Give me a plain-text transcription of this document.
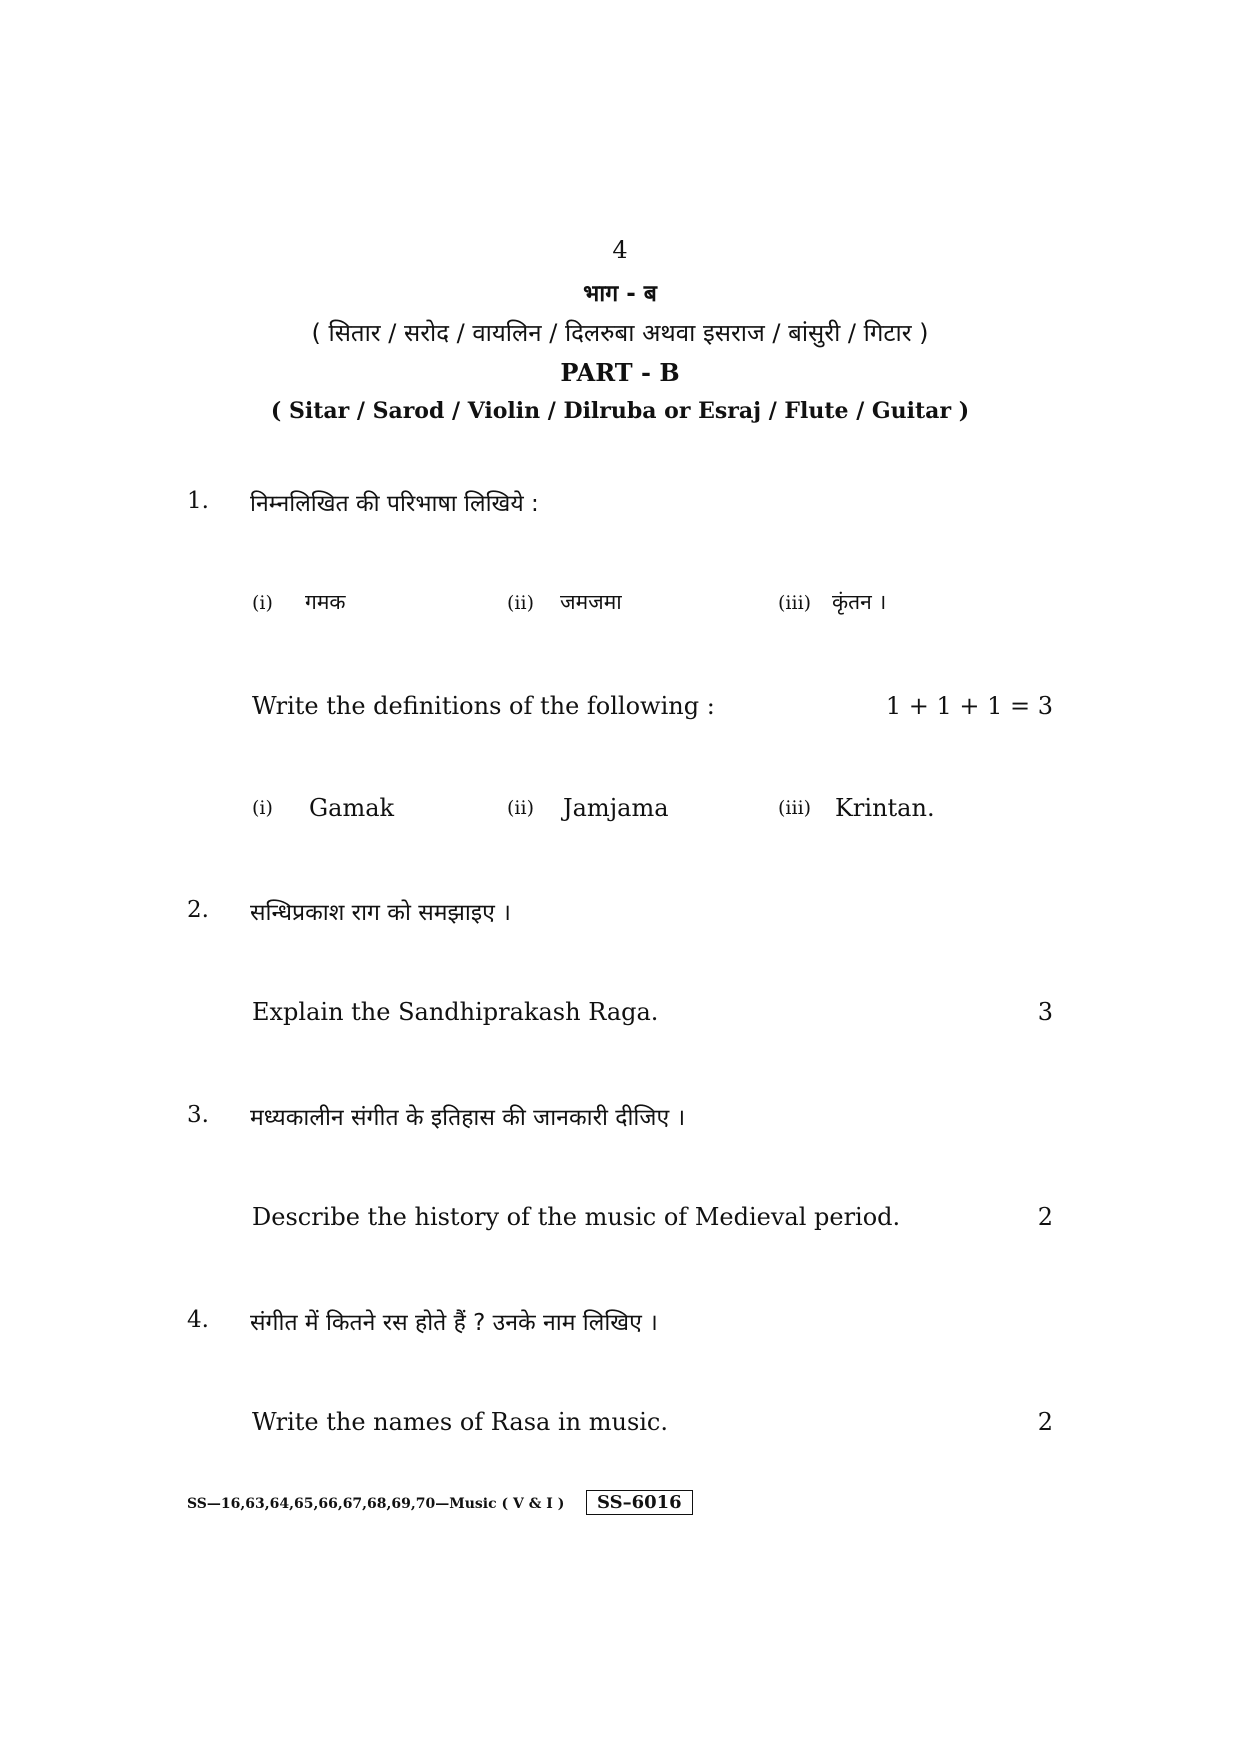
4
भाग - ब
( सितार / सरोद / वायलिन / दिलरुबा अथवा इसराज / बांसुरी / गिटार )
PART - B
( Sitar / Sarod / Violin / Dilruba or Esraj / Flute / Guitar )
1. निम्नलिखित की परिभाषा लिखिये :
(i) गमक	(ii) जमजमा	(iii) कृंतन ।
Write the definitions of the following :	1 + 1 + 1 = 3
(i) Gamak	(ii) Jamjama	(iii) Krintan.
2. सन्धिप्रकाश राग को समझाइए ।
Explain the Sandhiprakash Raga.	3
3. मध्यकालीन संगीत के इतिहास की जानकारी दीजिए ।
Describe the history of the music of Medieval period.	2
4. संगीत में कितने रस होते हैं ? उनके नाम लिखिए ।
Write the names of Rasa in music.	2
SS—16,63,64,65,66,67,68,69,70—Music ( V & I )	SS–6016
